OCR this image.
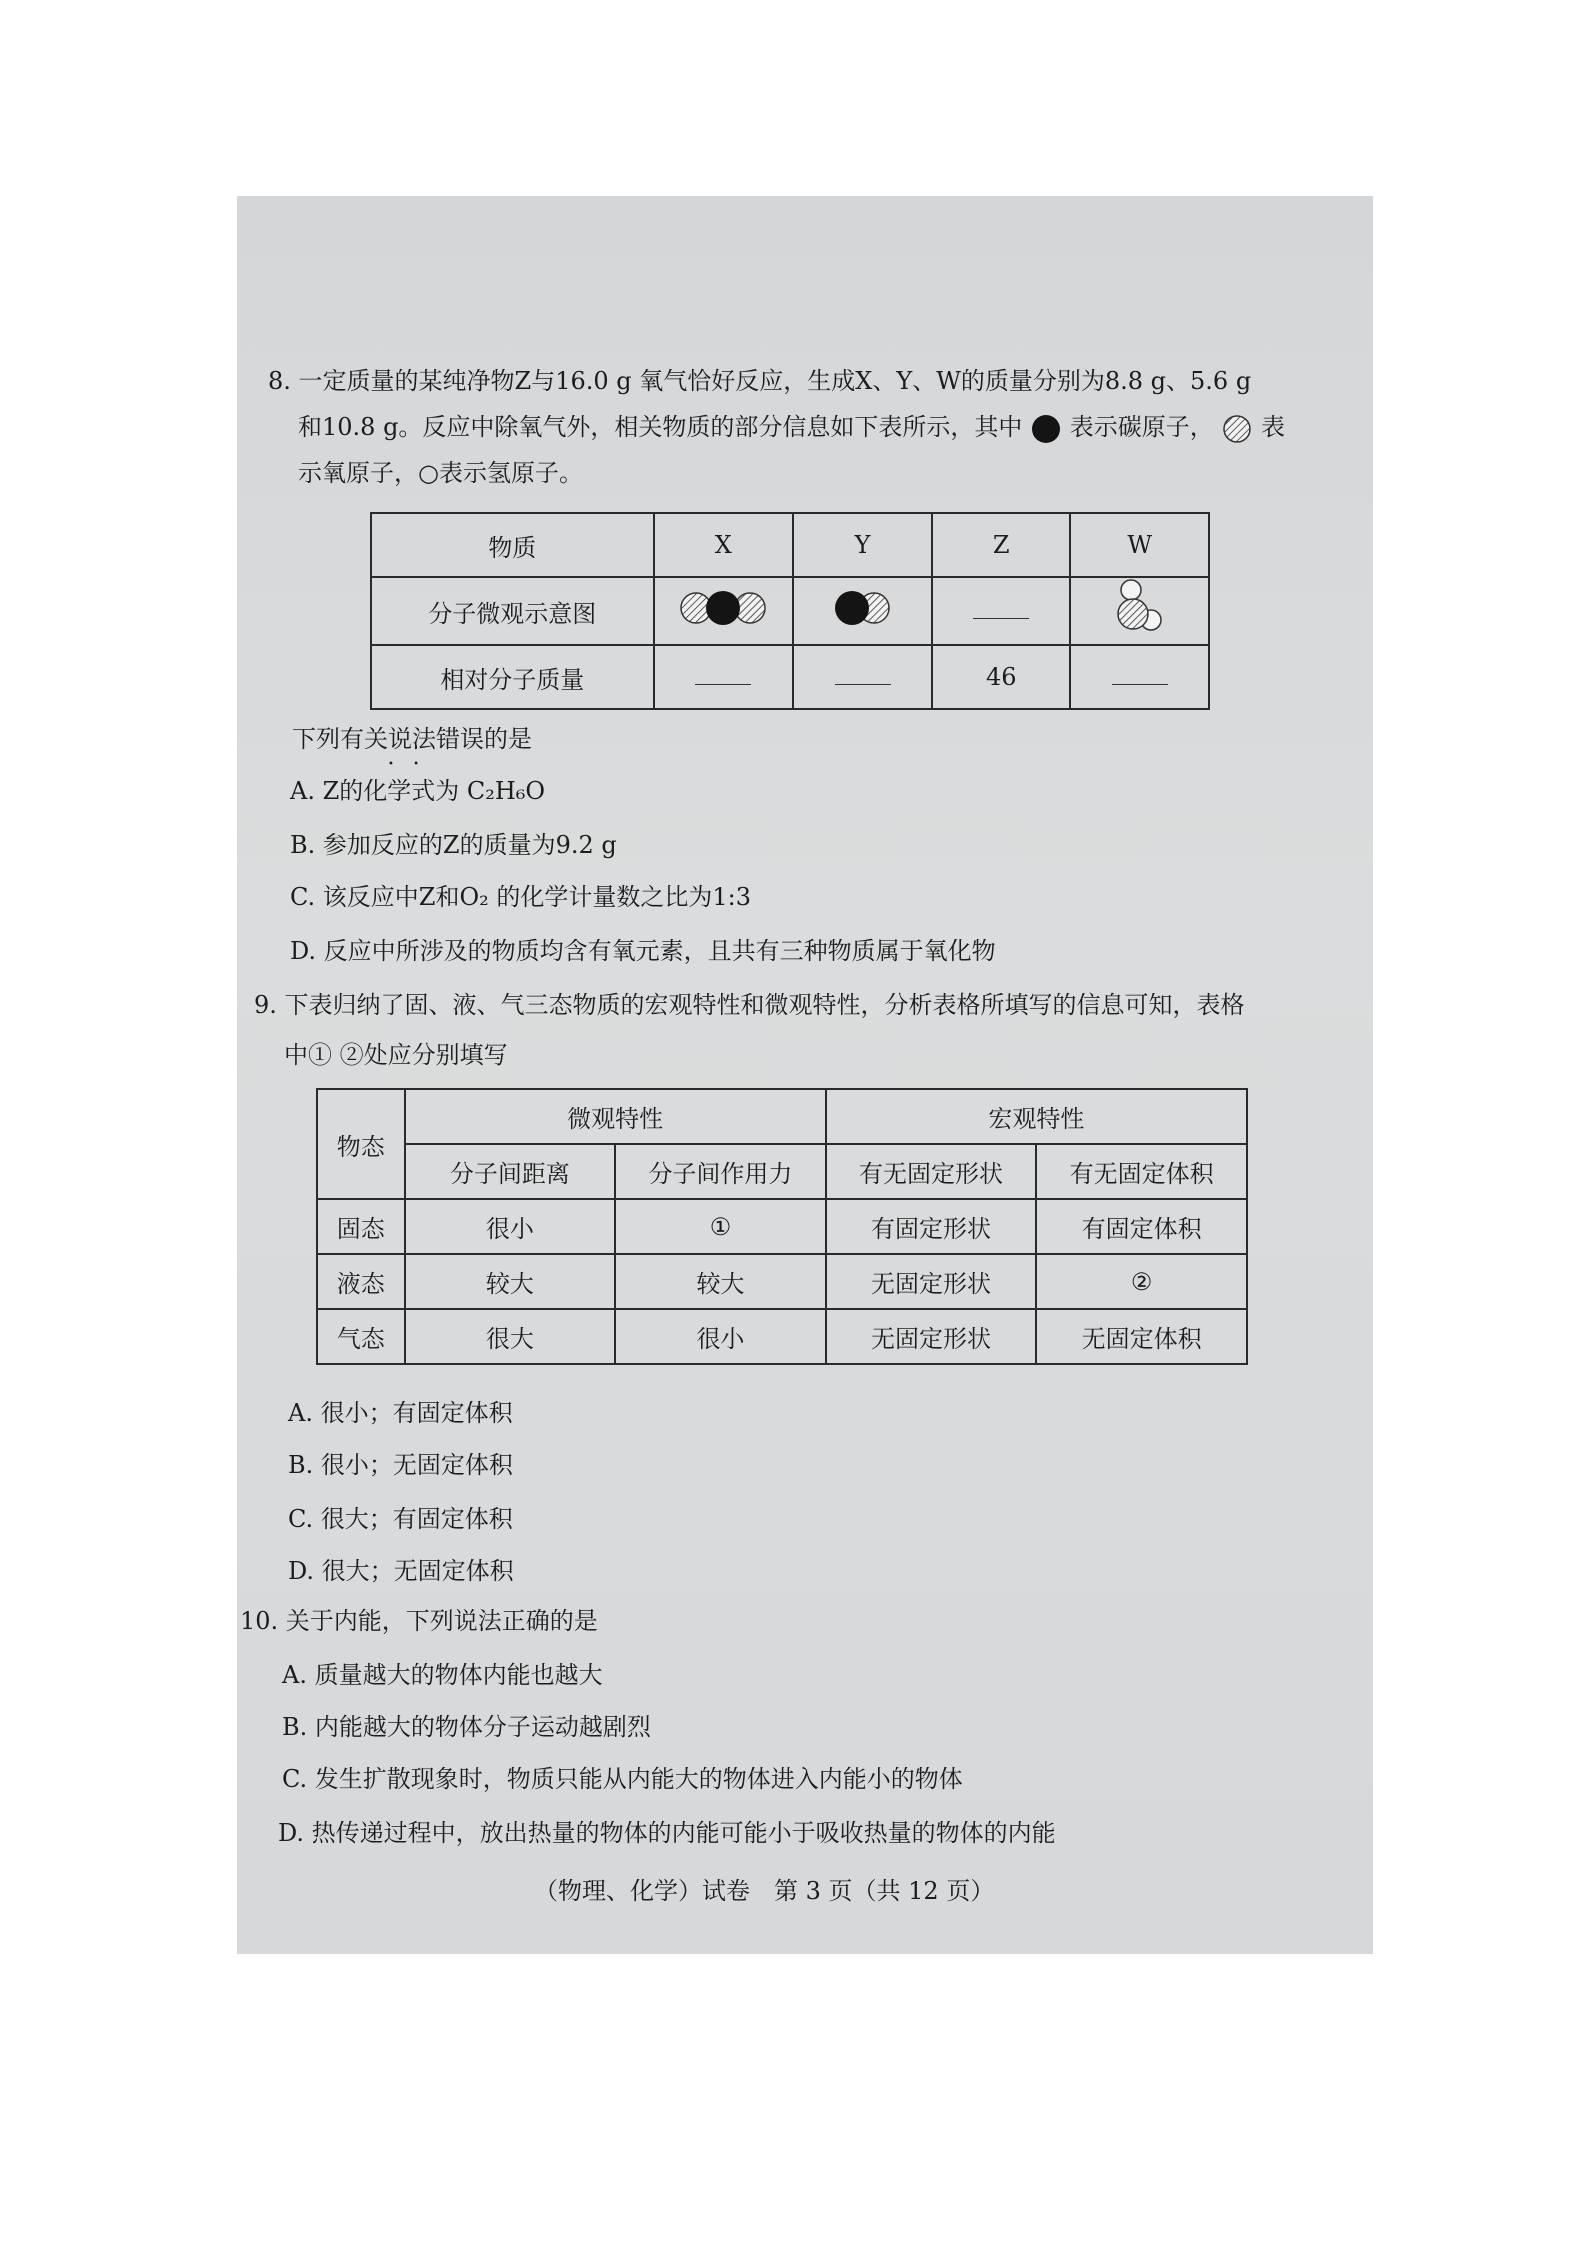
8. 一定质量的某纯净物Z与16.0 g 氧气恰好反应，生成X、Y、W的质量分别为8.8 g、5.6 g
和10.8 g。反应中除氧气外，相关物质的部分信息如下表所示，其中 表示碳原子， 表
示氧原子，○表示氢原子。
物质	X	Y	Z	W
分子微观示意图				
相对分子质量			46	
下列有关说法错误的是 • •
A. Z的化学式为 C₂H₆O
B. 参加反应的Z的质量为9.2 g
C. 该反应中Z和O₂ 的化学计量数之比为1:3
D. 反应中所涉及的物质均含有氧元素，且共有三种物质属于氧化物
9. 下表归纳了固、液、气三态物质的宏观特性和微观特性，分析表格所填写的信息可知，表格
中① ②处应分别填写
物态	微观特性		宏观特性	
	分子间距离	分子间作用力	有无固定形状	有无固定体积
固态	很小	①	有固定形状	有固定体积
液态	较大	较大	无固定形状	②
气态	很大	很小	无固定形状	无固定体积
A. 很小；有固定体积
B. 很小；无固定体积
C. 很大；有固定体积
D. 很大；无固定体积
10. 关于内能，下列说法正确的是
A. 质量越大的物体内能也越大
B. 内能越大的物体分子运动越剧烈
C. 发生扩散现象时，物质只能从内能大的物体进入内能小的物体
D. 热传递过程中，放出热量的物体的内能可能小于吸收热量的物体的内能
（物理、化学）试卷　第 3 页（共 12 页）
